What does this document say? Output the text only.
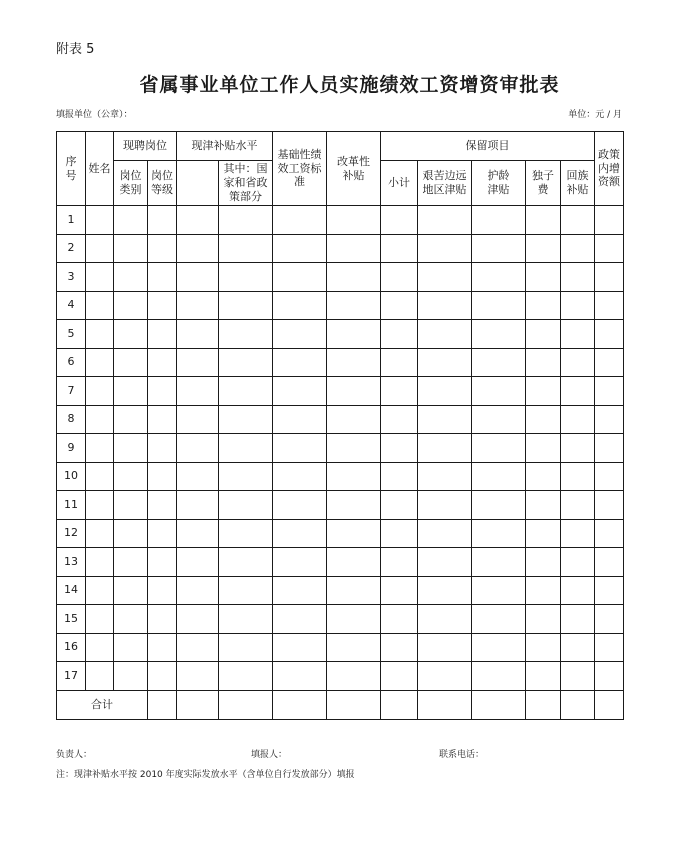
附表 5
省属事业单位工作人员实施绩效工资增资审批表
填报单位（公章）：	单位：元 / 月
序号	姓名	现聘岗位		现津补贴水平		基础性绩效工资标准	改革性补贴	保留项目					政策内增资额
		岗位类别	岗位等级		其中：国家和省政策部分			小计	艰苦边远地区津贴	护龄津贴	独子费	回族补贴	
1													
2													
3													
4													
5													
6													
7													
8													
9													
10													
11													
12													
13													
14													
15													
16													
17													
合计													
负责人：	填报人：	联系电话：
注：现津补贴水平按 2010 年度实际发放水平（含单位自行发放部分）填报
